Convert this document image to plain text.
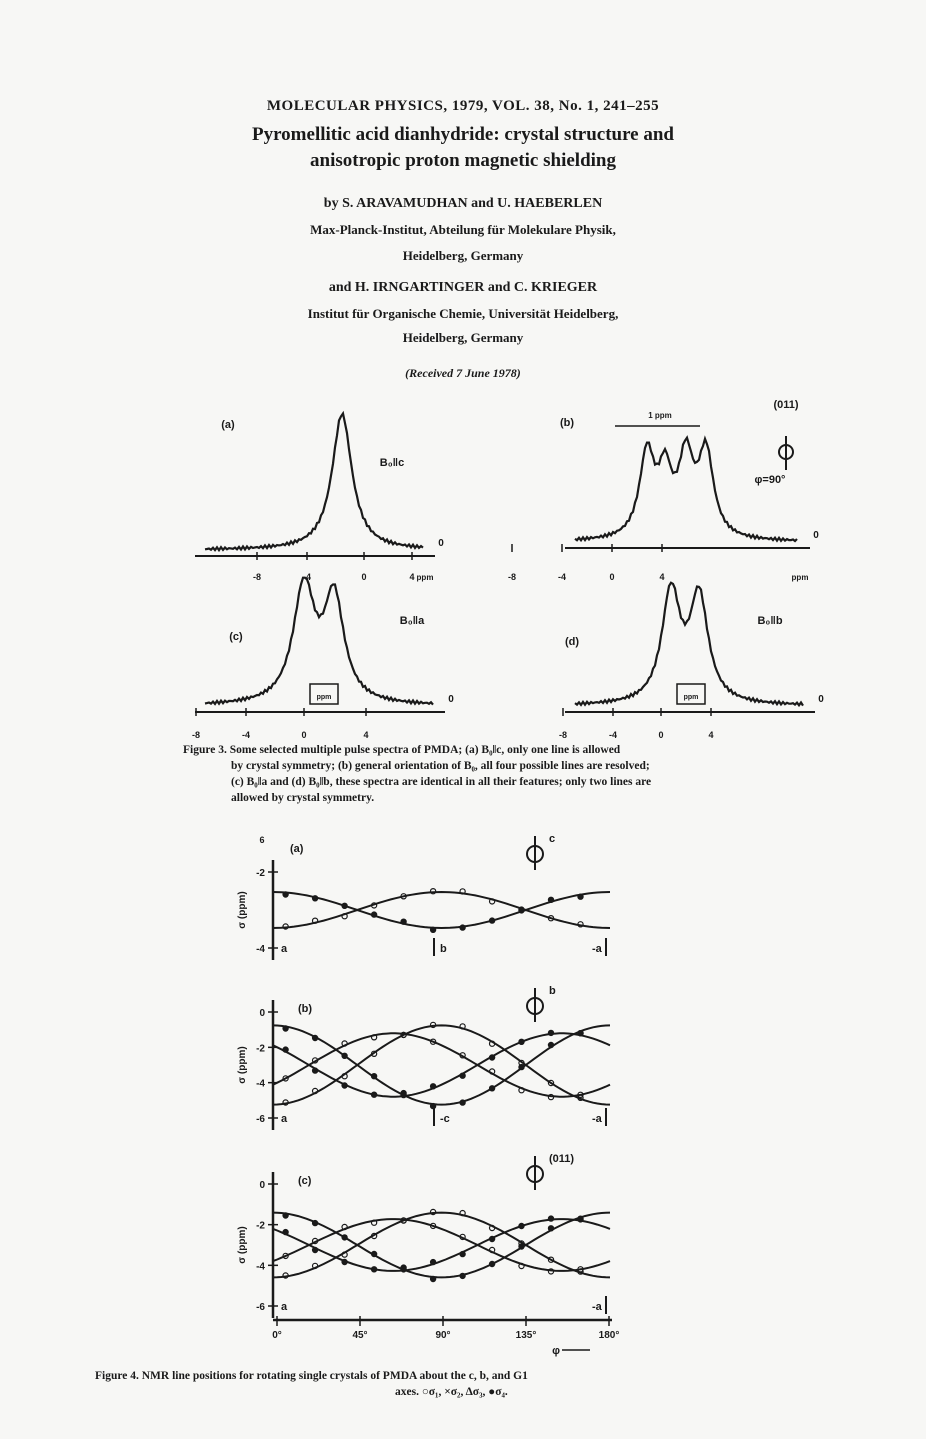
MOLECULAR PHYSICS, 1979, VOL. 38, No. 1, 241–255
Pyromellitic acid dianhydride: crystal structure and
anisotropic proton magnetic shielding
by S. ARAVAMUDHAN and U. HAEBERLEN
Max-Planck-Institut, Abteilung für Molekulare Physik,
Heidelberg, Germany
and H. IRNGARTINGER and C. KRIEGER
Institut für Organische Chemie, Universität Heidelberg,
Heidelberg, Germany
(Received 7 June 1978)
(a)
B₀‖c
0
-8	-4	0	4 ppm
(b)
φ=90°
0
-8	-4	0	4	ppm
(011)
1 ppm
(c)
B₀‖a
0
-8	-4	0	4
ppm
(d)
B₀‖b
0
-8	-4	0	4
ppm
(a)
σ (ppm)
-2
-4
6	c
a	b	-a
(b)
σ (ppm)
0
-2
-4
-6
b
a	-c	-a
(c)
σ (ppm)
0
-2
-4
-6
(011)
a	-a
0°	45°	90°	135°	180°
φ
Figure 3. Some selected multiple pulse spectra of PMDA; (a) B₀‖c, only one line is allowed
by crystal symmetry; (b) general orientation of B₀, all four possible lines are resolved;
(c) B₀‖a and (d) B₀‖b, these spectra are identical in all their features; only two lines are
allowed by crystal symmetry.
Figure 4. NMR line positions for rotating single crystals of PMDA about the c, b, and G1
axes. ○σ₁, ×σ₂, Δσ₃, ●σ₄.
